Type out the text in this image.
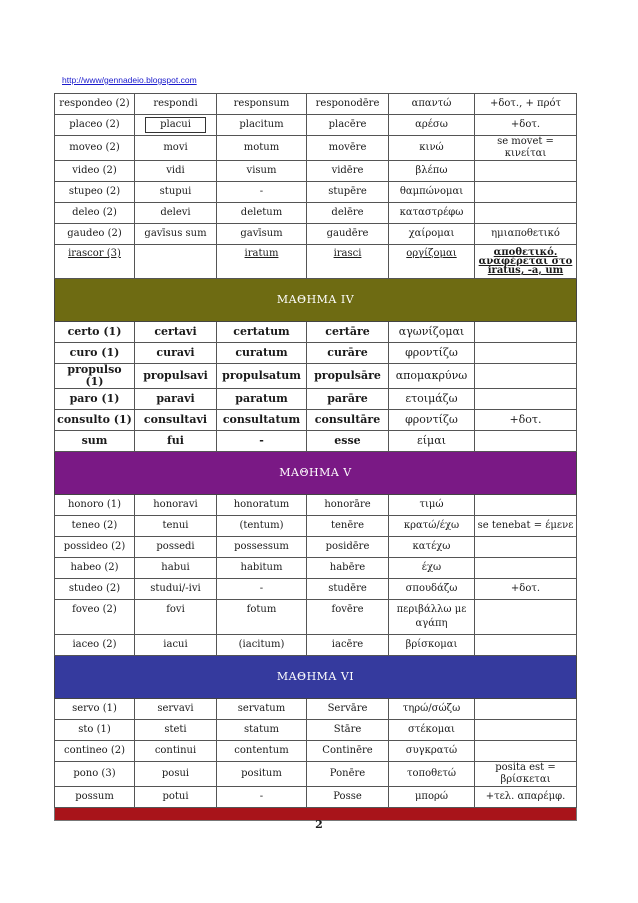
http://www/gennadeio.blogspot.com
respondeo (2)	respondi	responsum	responodēre	απαντώ	+δοτ., + πρότ
placeo (2)	placui	placitum	placēre	αρέσω	+δοτ.
moveo (2)	movi	motum	movēre	κινώ	se movet = κινείται
video (2)	vidi	visum	vidēre	βλέπω	
stupeo (2)	stupui	-	stupēre	θαμπώνομαι	
deleo (2)	delevi	deletum	delēre	καταστρέφω	
gaudeo (2)	gavīsus sum	gavīsum	gaudēre	χαίρομαι	ημιαποθετικό
irascor (3)		iratum	irasci	οργίζομαι	αποθετικό. αναφέρεται στο iratus, -a, um
ΜΑΘΗΜΑ IV					
certo (1)	certavi	certatum	certāre	αγωνίζομαι	
curo (1)	curavi	curatum	curāre	φροντίζω	
propulso (1)	propulsavi	propulsatum	propulsāre	απομακρύνω	
paro (1)	paravi	paratum	parāre	ετοιμάζω	
consulto (1)	consultavi	consultatum	consultāre	φροντίζω	+δοτ.
sum	fui	-	esse	είμαι	
ΜΑΘΗΜΑ V					
honoro (1)	honoravi	honoratum	honorāre	τιμώ	
teneo (2)	tenui	(tentum)	tenēre	κρατώ/έχω	se tenebat = έμενε
possideo (2)	possedi	possessum	posidēre	κατέχω	
habeo (2)	habui	habitum	habēre	έχω	
studeo (2)	studui/-ivi	-	studēre	σπουδάζω	+δοτ.
foveo (2)	fovi	fotum	fovēre	περιβάλλω με αγάπη	
iaceo (2)	iacui	(iacitum)	iacēre	βρίσκομαι	
ΜΑΘΗΜΑ VI					
servo (1)	servavi	servatum	Servāre	τηρώ/σώζω	
sto (1)	steti	statum	Stāre	στέκομαι	
contineo (2)	continui	contentum	Continēre	συγκρατώ	
pono (3)	posui	positum	Ponēre	τοποθετώ	posita est = βρίσκεται
possum	potui	-	Posse	μπορώ	+τελ. απαρέμφ.

2
